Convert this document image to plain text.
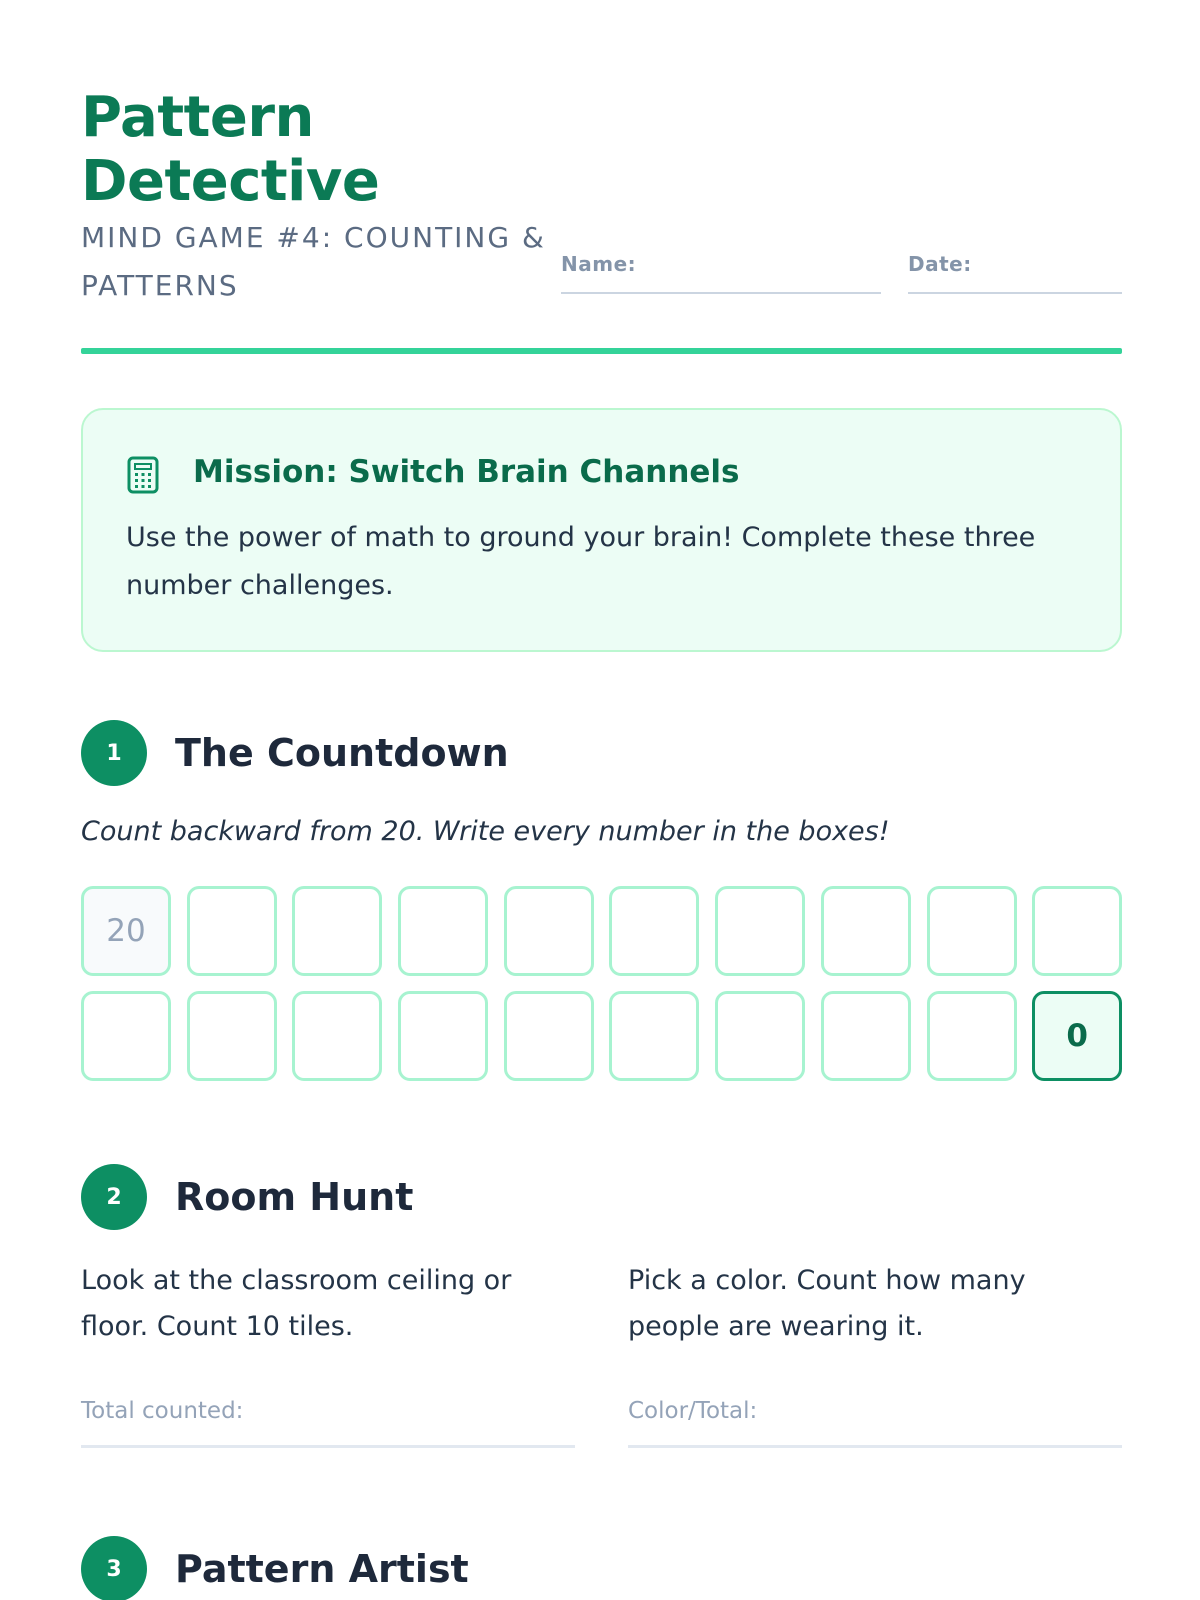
Pattern
Detective
MIND GAME #4: COUNTING & PATTERNS
Name:	Date:
Mission: Switch Brain Channels
Use the power of math to ground your brain! Complete these three number challenges.
1	The Countdown
Count backward from 20. Write every number in the boxes!
20
0
2	Room Hunt
Look at the classroom ceiling or floor. Count 10 tiles.
Total counted:
Pick a color. Count how many people are wearing it.
Color/Total:
3	Pattern Artist
